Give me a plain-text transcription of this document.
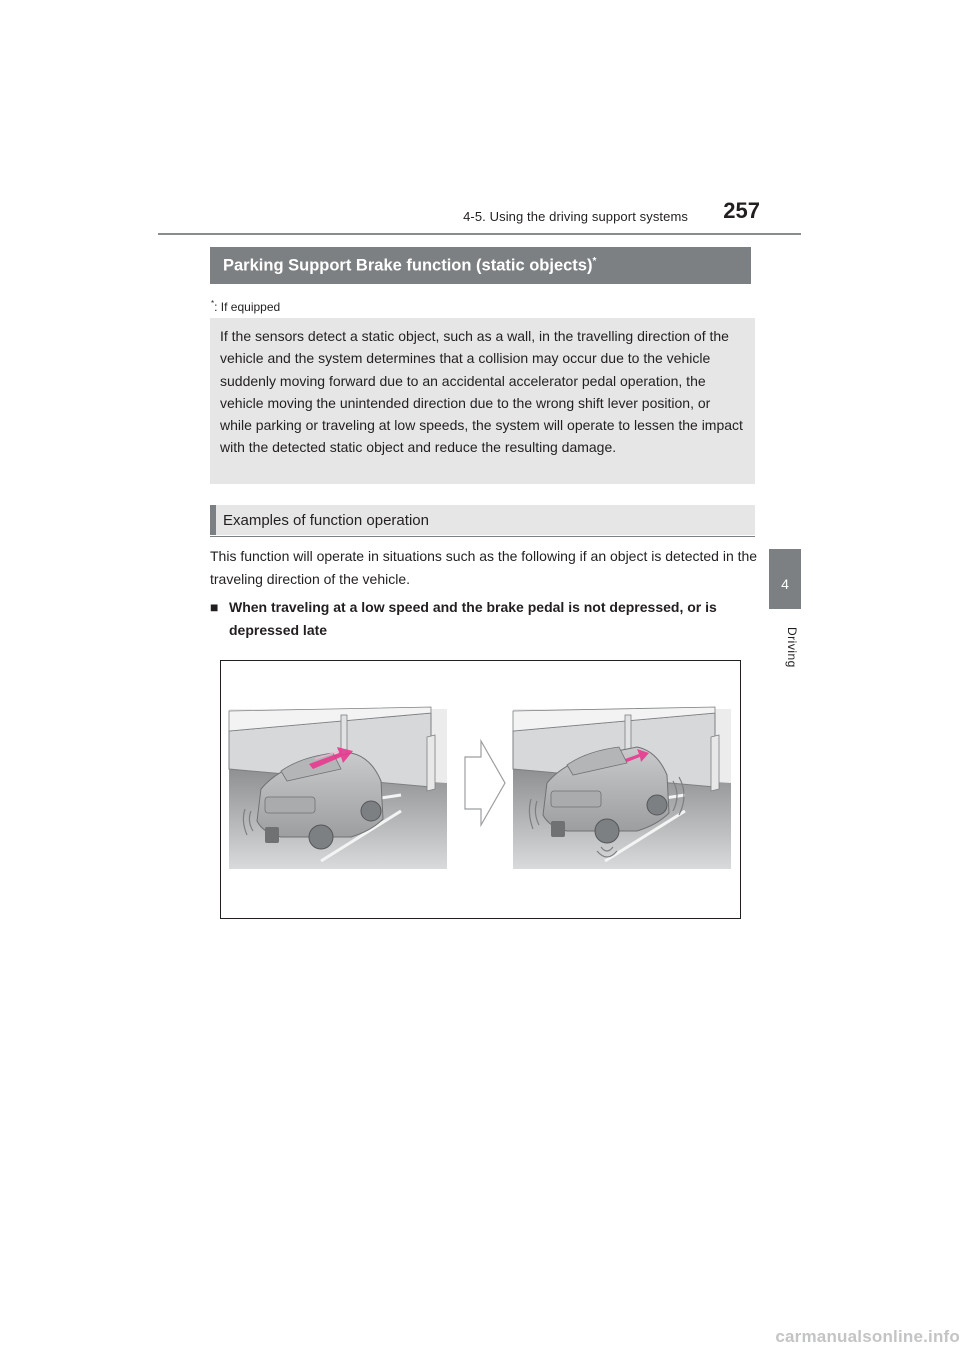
4-5. Using the driving support systems	257
4
Driving
Parking Support Brake function (static objects)*
*: If equipped

If the sensors detect a static object, such as a wall, in the travelling direction of the vehicle and the system determines that a collision may occur due to the vehicle suddenly moving forward due to an accidental accelerator pedal operation, the vehicle moving the unintended direction due to the wrong shift lever position, or while parking or traveling at low speeds, the system will operate to lessen the impact with the detected static object and reduce the resulting damage.

Examples of function operation

This function will operate in situations such as the following if an object is detected in the traveling direction of the vehicle.

■ When traveling at a low speed and the brake pedal is not depressed, or is depressed late
carmanualsonline.info
